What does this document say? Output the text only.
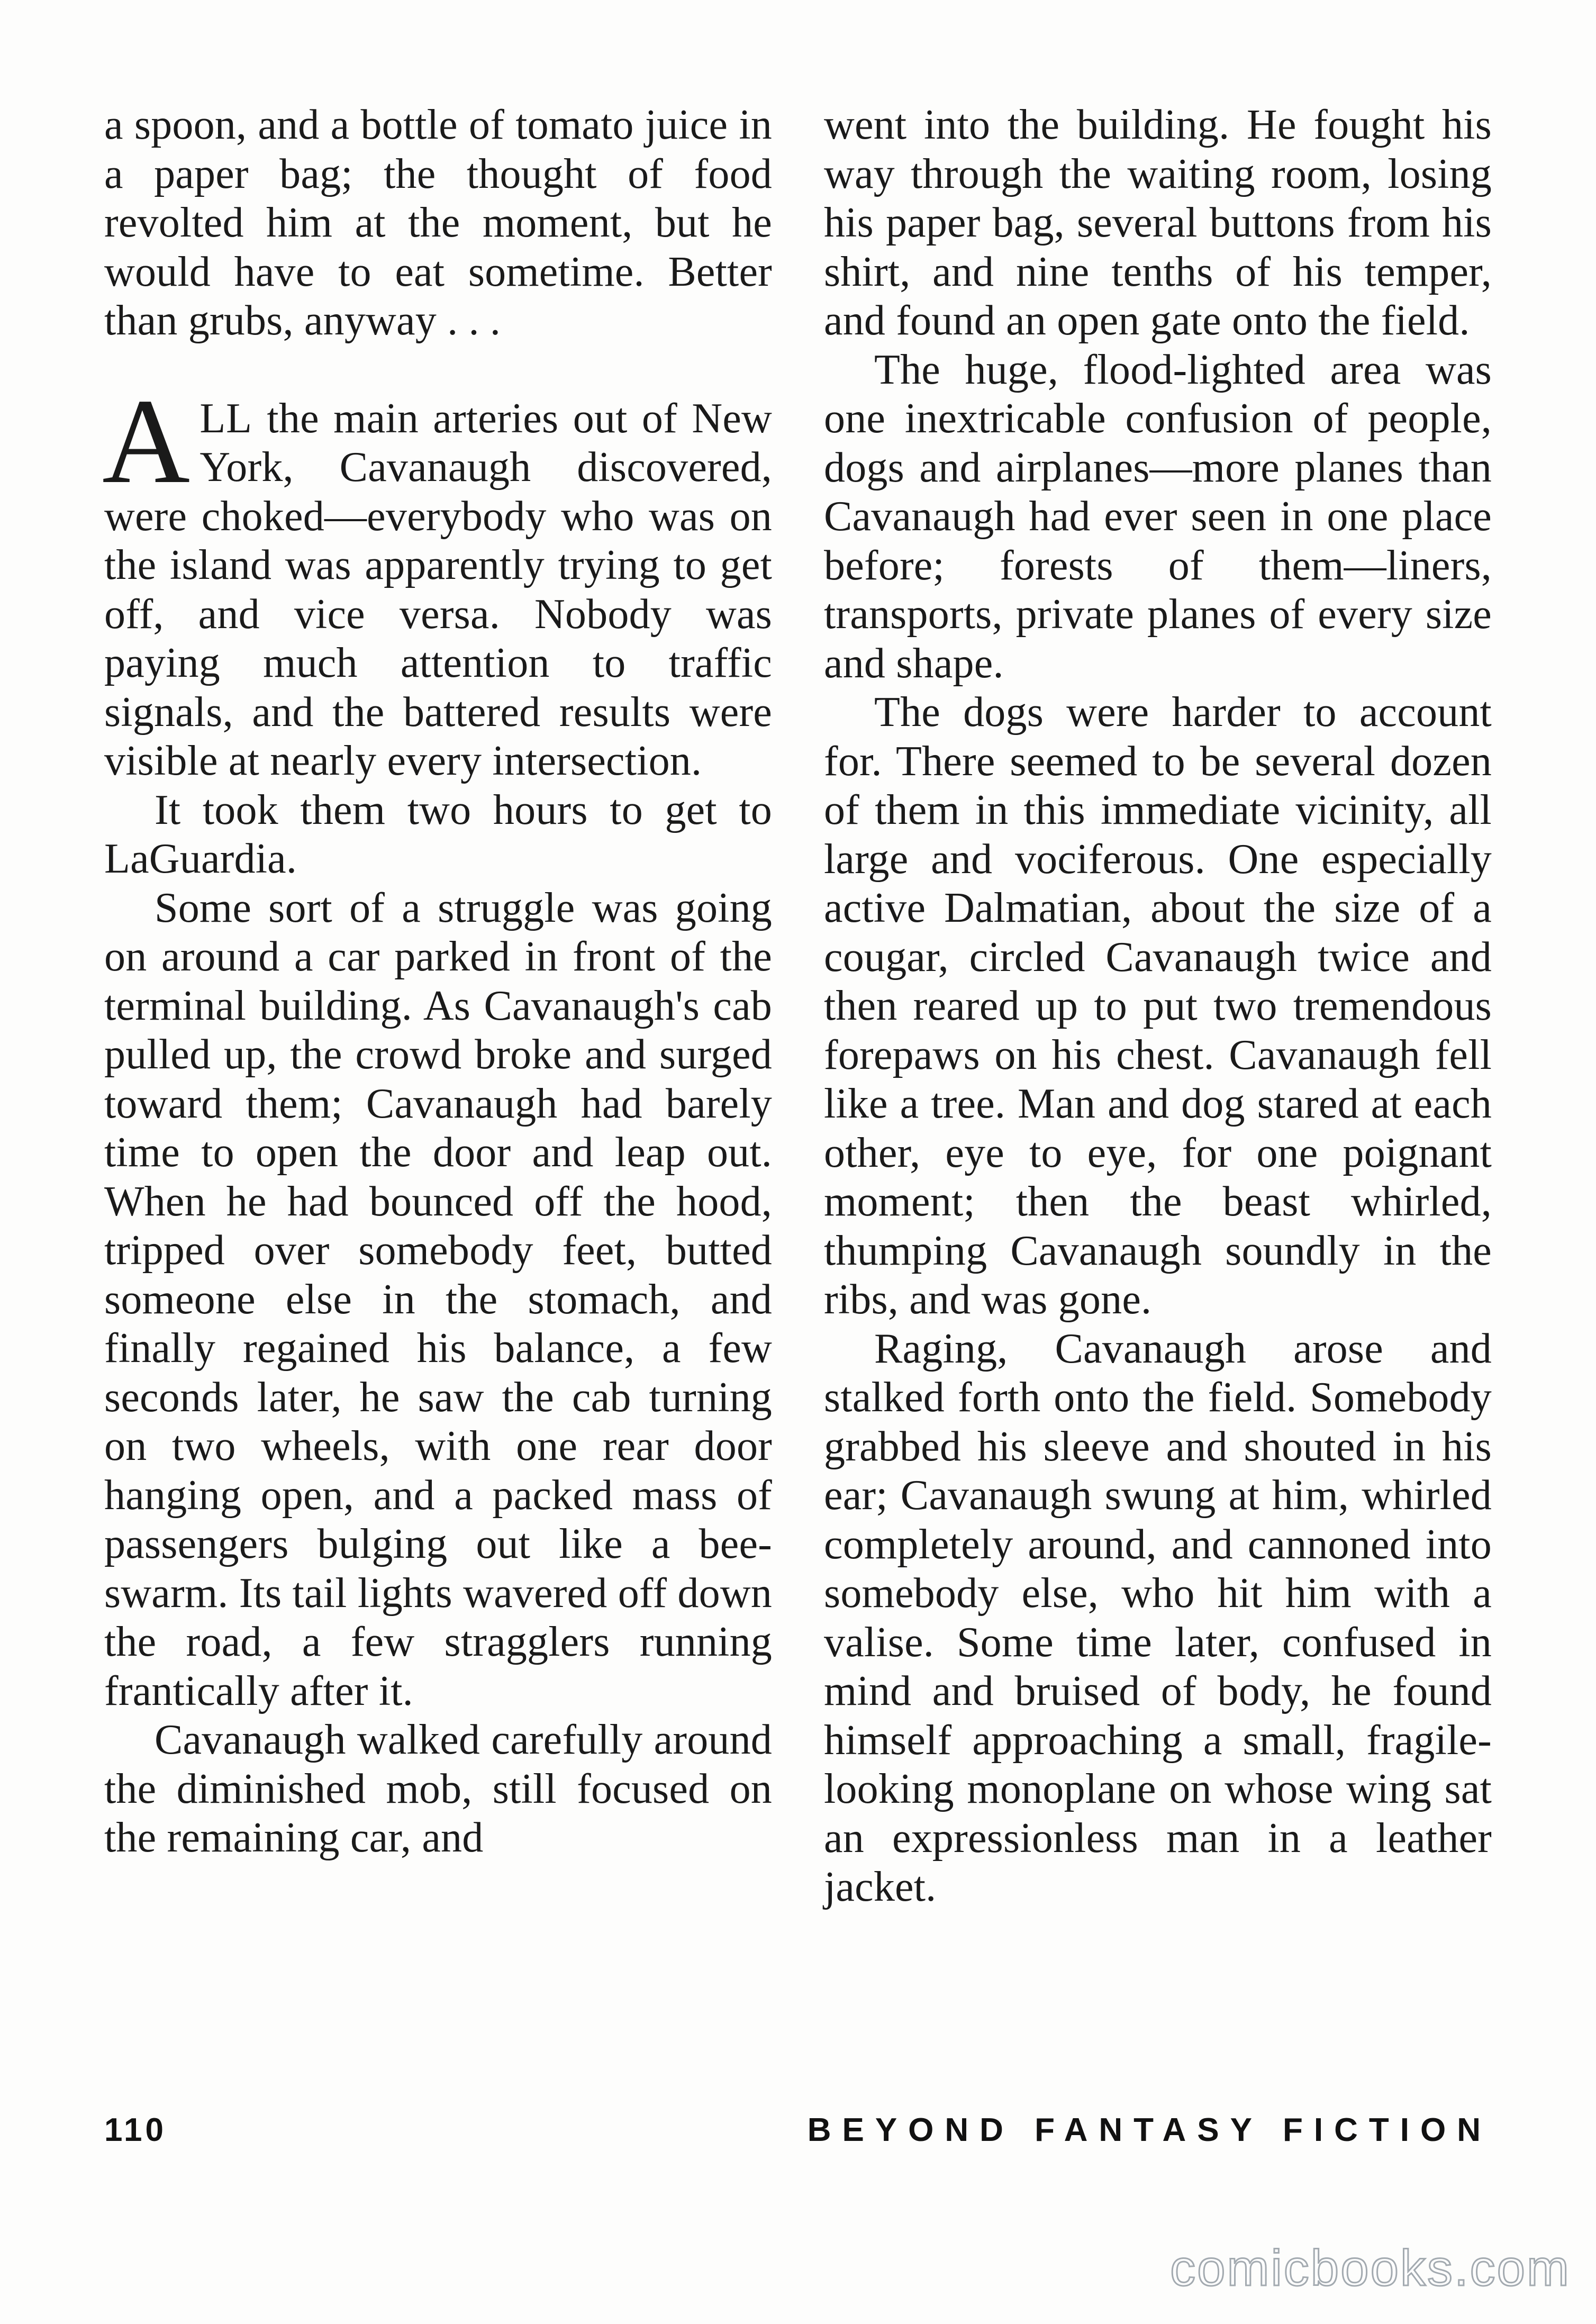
a spoon, and a bottle of tomato juice in a paper bag; the thought of food revolted him at the moment, but he would have to eat sometime. Better than grubs, anyway . . .

ALL the main arteries out of New York, Cavanaugh discovered, were choked—everybody who was on the island was apparently trying to get off, and vice versa. Nobody was paying much attention to traffic signals, and the battered results were visible at nearly every intersection.

It took them two hours to get to LaGuardia.

Some sort of a struggle was going on around a car parked in front of the terminal building. As Cavanaugh's cab pulled up, the crowd broke and surged toward them; Cavanaugh had barely time to open the door and leap out. When he had bounced off the hood, tripped over somebody feet, butted someone else in the stomach, and finally regained his balance, a few seconds later, he saw the cab turning on two wheels, with one rear door hanging open, and a packed mass of passengers bulging out like a bee-swarm. Its tail lights wavered off down the road, a few stragglers running frantically after it.

Cavanaugh walked carefully around the diminished mob, still focused on the remaining car, and

went into the building. He fought his way through the waiting room, losing his paper bag, several buttons from his shirt, and nine tenths of his temper, and found an open gate onto the field.

The huge, flood-lighted area was one inextricable confusion of people, dogs and airplanes—more planes than Cavanaugh had ever seen in one place before; forests of them—liners, transports, private planes of every size and shape.

The dogs were harder to account for. There seemed to be several dozen of them in this immediate vicinity, all large and vociferous. One especially active Dalmatian, about the size of a cougar, circled Cavanaugh twice and then reared up to put two tremendous forepaws on his chest. Cavanaugh fell like a tree. Man and dog stared at each other, eye to eye, for one poignant moment; then the beast whirled, thumping Cavanaugh soundly in the ribs, and was gone.

Raging, Cavanaugh arose and stalked forth onto the field. Somebody grabbed his sleeve and shouted in his ear; Cavanaugh swung at him, whirled completely around, and cannoned into somebody else, who hit him with a valise. Some time later, confused in mind and bruised of body, he found himself approaching a small, fragile-looking monoplane on whose wing sat an expressionless man in a leather jacket.

110	BEYOND FANTASY FICTION
comicbooks.com
